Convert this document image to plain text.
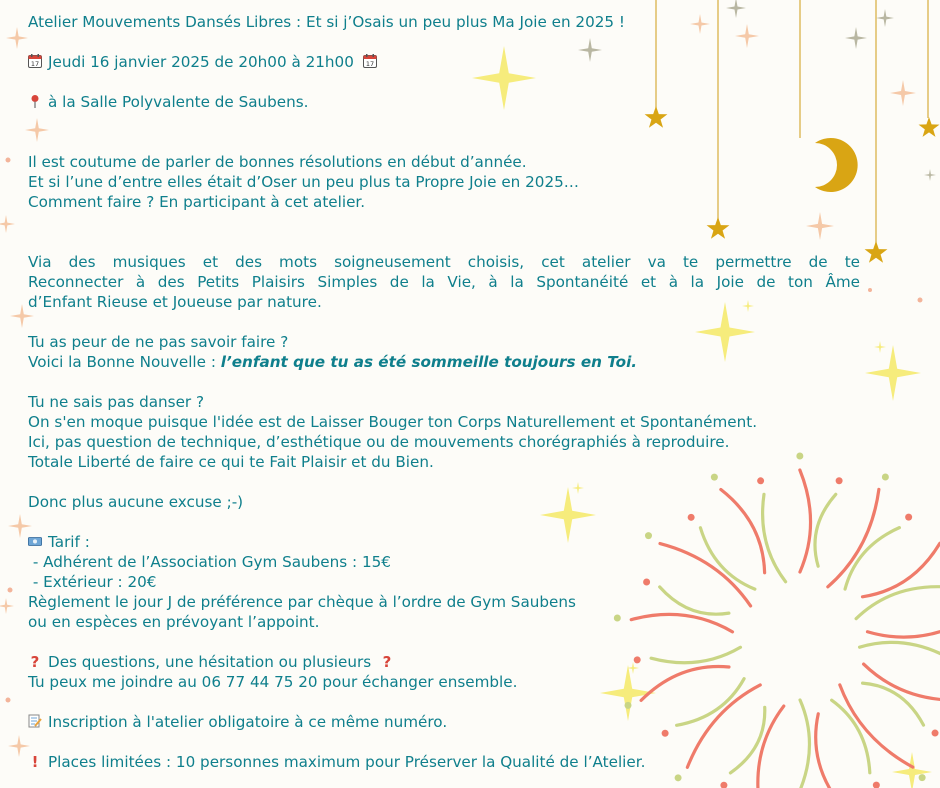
Atelier Mouvements Dansés Libres : Et si j’Osais un peu plus Ma Joie en 2025 !
17 Jeudi 16 janvier 2025 de 20h00 à 21h00 17
à la Salle Polyvalente de Saubens.
Il est coutume de parler de bonnes résolutions en début d’année.
Et si l’une d’entre elles était d’Oser un peu plus ta Propre Joie en 2025…
Comment faire ? En participant à cet atelier.
Via des musiques et des mots soigneusement choisis, cet atelier va te permettre de te
Reconnecter à des Petits Plaisirs Simples de la Vie, à la Spontanéité et à la Joie de ton Âme
d’Enfant Rieuse et Joueuse par nature.
Tu as peur de ne pas savoir faire ?
Voici la Bonne Nouvelle : l’enfant que tu as été sommeille toujours en Toi.
Tu ne sais pas danser ?
On s'en moque puisque l'idée est de Laisser Bouger ton Corps Naturellement et Spontanément.
Ici, pas question de technique, d’esthétique ou de mouvements chorégraphiés à reproduire.
Totale Liberté de faire ce qui te Fait Plaisir et du Bien.
Donc plus aucune excuse ;-)
Tarif :
- Adhérent de l’Association Gym Saubens : 15€
- Extérieur : 20€
Règlement le jour J de préférence par chèque à l’ordre de Gym Saubens
ou en espèces en prévoyant l’appoint.
? Des questions, une hésitation ou plusieurs ?
Tu peux me joindre au 06 77 44 75 20 pour échanger ensemble.
Inscription à l'atelier obligatoire à ce même numéro.
! Places limitées : 10 personnes maximum pour Préserver la Qualité de l’Atelier.
